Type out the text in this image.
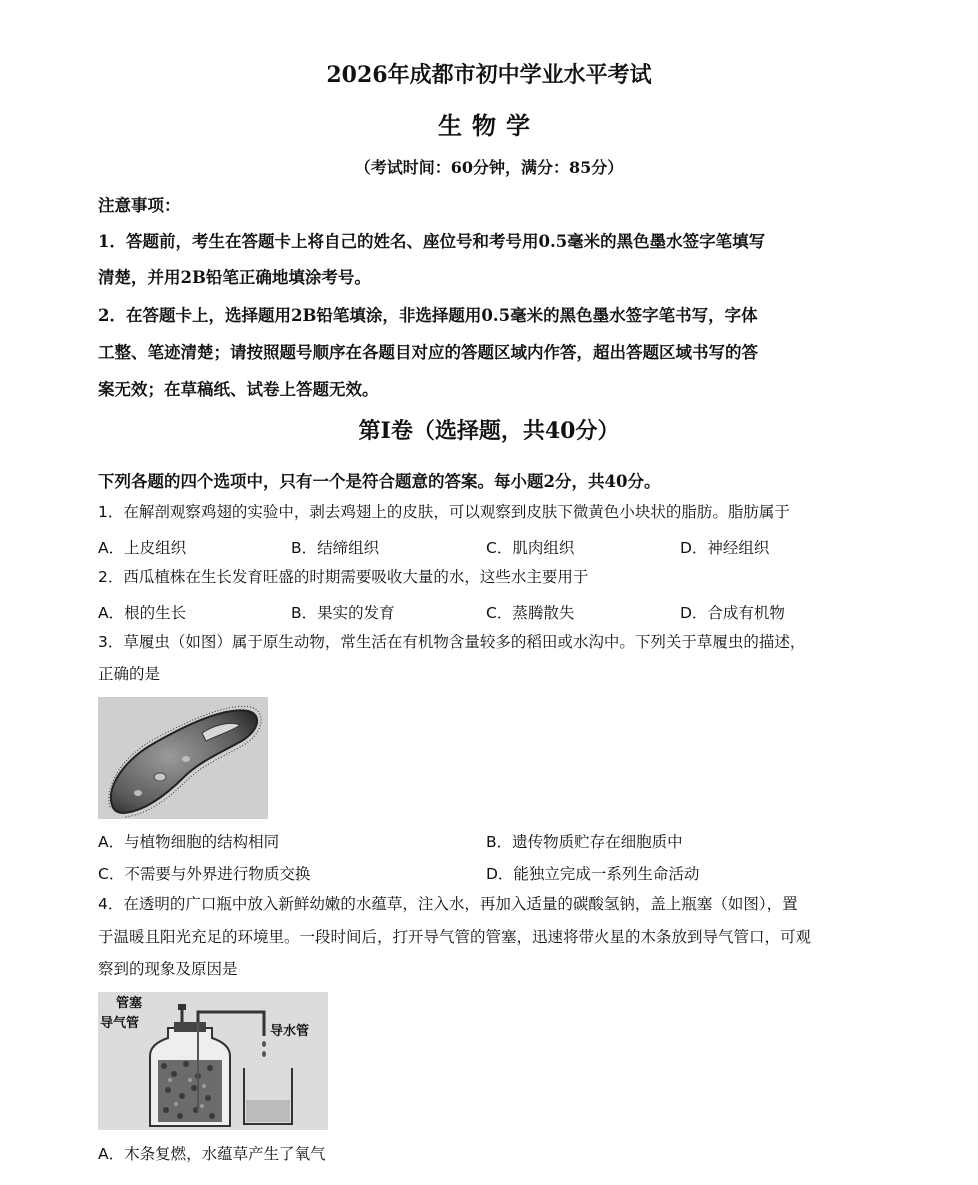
2026年成都市初中学业水平考试
生物学
（考试时间：60分钟，满分：85分）
注意事项：
1．答题前，考生在答题卡上将自己的姓名、座位号和考号用0.5毫米的黑色墨水签字笔填写
清楚，并用2B铅笔正确地填涂考号。
2．在答题卡上，选择题用2B铅笔填涂，非选择题用0.5毫米的黑色墨水签字笔书写，字体
工整、笔迹清楚；请按照题号顺序在各题目对应的答题区域内作答，超出答题区域书写的答
案无效；在草稿纸、试卷上答题无效。
第Ⅰ卷（选择题，共40分）
下列各题的四个选项中，只有一个是符合题意的答案。每小题2分，共40分。
1．在解剖观察鸡翅的实验中，剥去鸡翅上的皮肤，可以观察到皮肤下微黄色小块状的脂肪。脂肪属于
A．上皮组织	B．结缔组织	C．肌肉组织	D．神经组织
2．西瓜植株在生长发育旺盛的时期需要吸收大量的水，这些水主要用于
A．根的生长	B．果实的发育	C．蒸腾散失	D．合成有机物
3．草履虫（如图）属于原生动物，常生活在有机物含量较多的稻田或水沟中。下列关于草履虫的描述，
正确的是
A．与植物细胞的结构相同	B．遗传物质贮存在细胞质中
C．不需要与外界进行物质交换	D．能独立完成一系列生命活动
4．在透明的广口瓶中放入新鲜幼嫩的水蕴草，注入水，再加入适量的碳酸氢钠，盖上瓶塞（如图），置
于温暖且阳光充足的环境里。一段时间后，打开导气管的管塞，迅速将带火星的木条放到导气管口，可观
察到的现象及原因是
管塞
导气管
导水管
A．木条复燃，水蕴草产生了氧气
